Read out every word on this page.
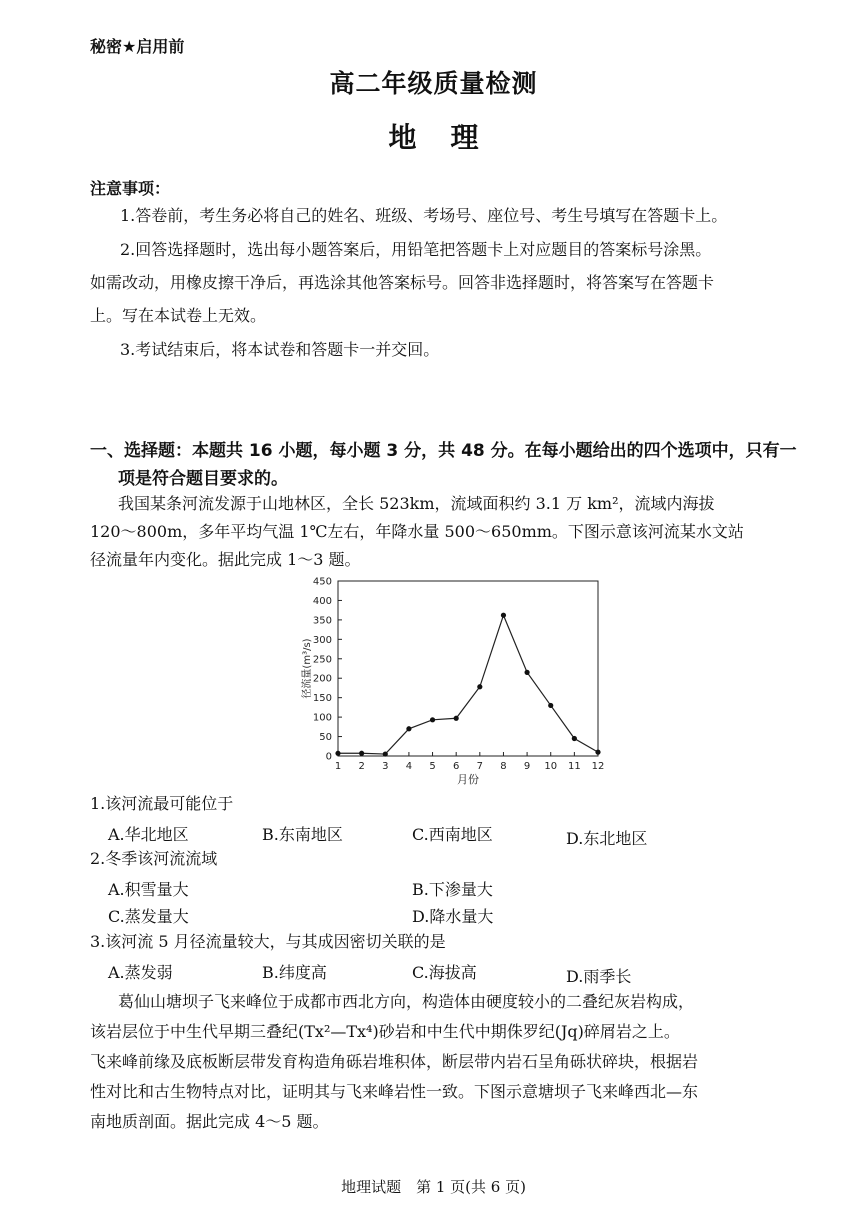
秘密★启用前
高二年级质量检测
地理
注意事项：
1.答卷前，考生务必将自己的姓名、班级、考场号、座位号、考生号填写在答题卡上。
2.回答选择题时，选出每小题答案后，用铅笔把答题卡上对应题目的答案标号涂黑。
如需改动，用橡皮擦干净后，再选涂其他答案标号。回答非选择题时，将答案写在答题卡
上。写在本试卷上无效。
3.考试结束后，将本试卷和答题卡一并交回。
一、选择题：本题共 16 小题，每小题 3 分，共 48 分。在每小题给出的四个选项中，只有一
项是符合题目要求的。
我国某条河流发源于山地林区，全长 523km，流域面积约 3.1 万 km²，流域内海拔
120～800m，多年平均气温 1℃左右，年降水量 500～650mm。下图示意该河流某水文站
径流量年内变化。据此完成 1～3 题。
0
50
100
150
200
250
300
350
400
450
1 2 3 4 5 6 7 8 9 10 11 12
月份
径流量(m³/s)
1.该河流最可能位于
A.华北地区	B.东南地区	C.西南地区	D.东北地区
2.冬季该河流流域
A.积雪量大	B.下渗量大
C.蒸发量大	D.降水量大
3.该河流 5 月径流量较大，与其成因密切关联的是
A.蒸发弱	B.纬度高	C.海拔高	D.雨季长
葛仙山塘坝子飞来峰位于成都市西北方向，构造体由硬度较小的二叠纪灰岩构成，
该岩层位于中生代早期三叠纪(Tx²—Tx⁴)砂岩和中生代中期侏罗纪(Jq)碎屑岩之上。
飞来峰前缘及底板断层带发育构造角砾岩堆积体，断层带内岩石呈角砾状碎块，根据岩
性对比和古生物特点对比，证明其与飞来峰岩性一致。下图示意塘坝子飞来峰西北—东
南地质剖面。据此完成 4～5 题。
地理试题　第 1 页(共 6 页)
